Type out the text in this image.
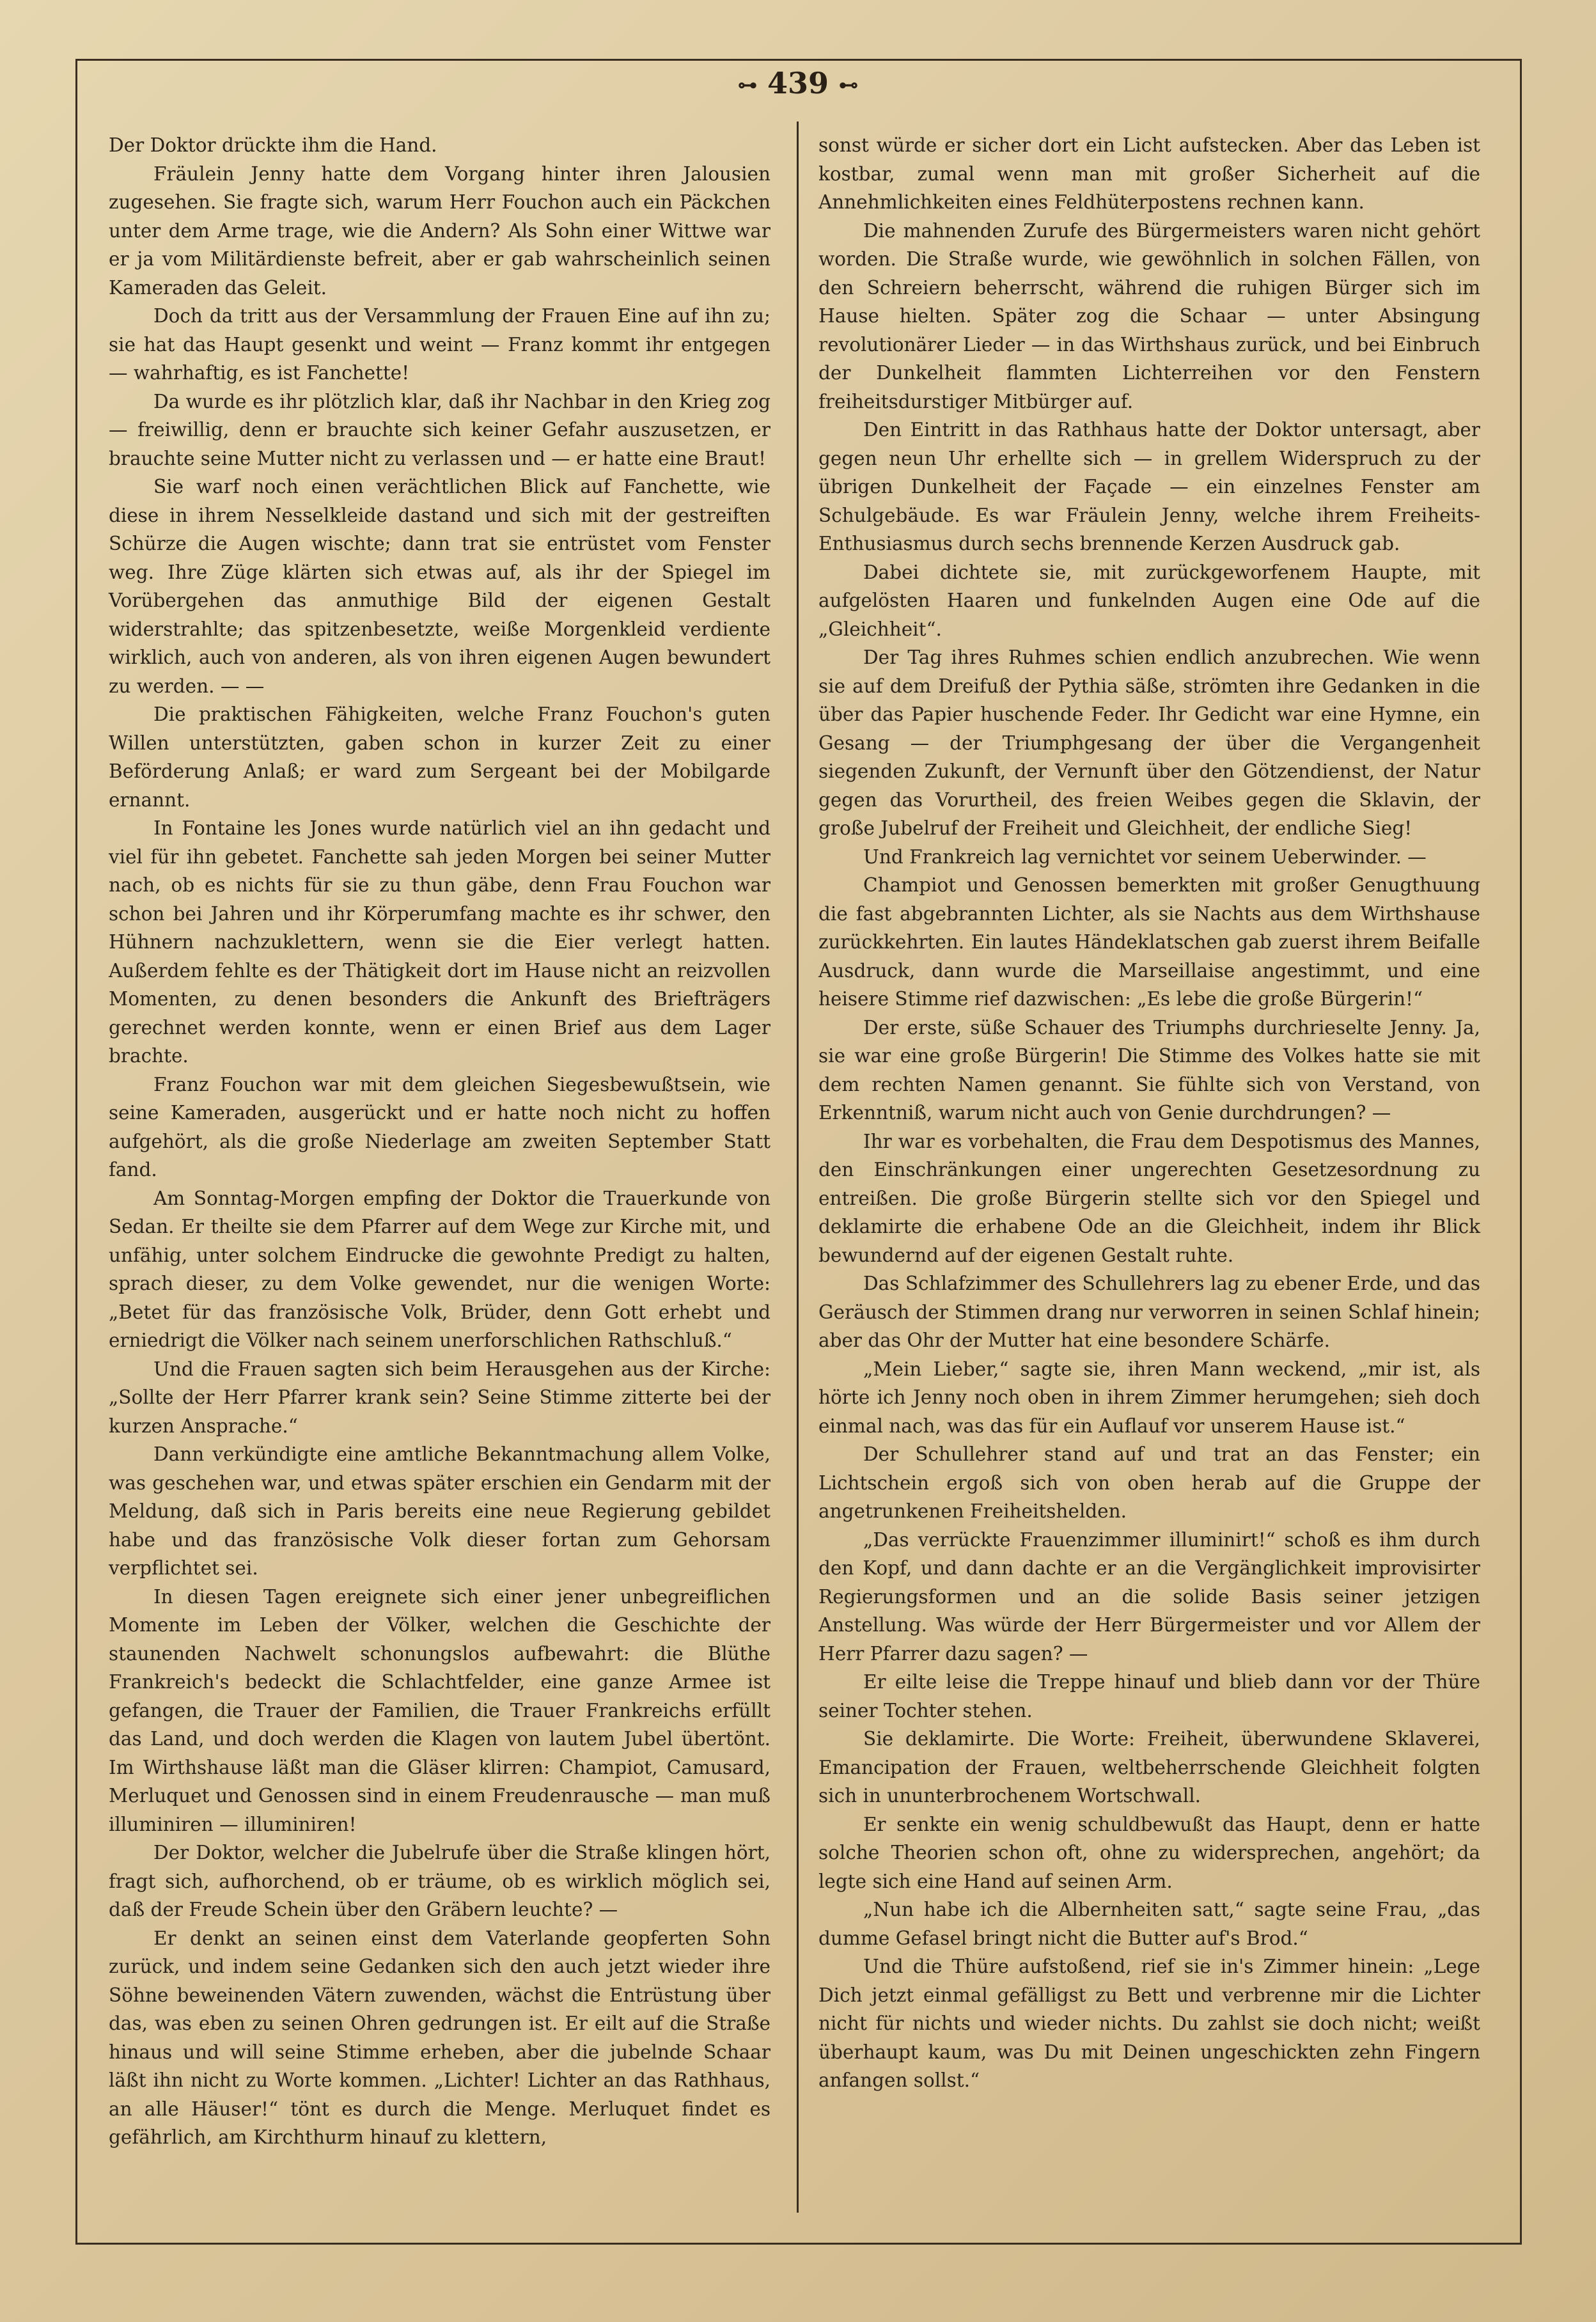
⊶ 439 ⊷

Der Doktor drückte ihm die Hand.

Fräulein Jenny hatte dem Vorgang hinter ihren Jalousien zugesehen. Sie fragte sich, warum Herr Fouchon auch ein Päckchen unter dem Arme trage, wie die Andern? Als Sohn einer Wittwe war er ja vom Militärdienste befreit, aber er gab wahrscheinlich seinen Kameraden das Geleit.

Doch da tritt aus der Versammlung der Frauen Eine auf ihn zu; sie hat das Haupt gesenkt und weint — Franz kommt ihr entgegen — wahrhaftig, es ist Fanchette!

Da wurde es ihr plötzlich klar, daß ihr Nachbar in den Krieg zog — freiwillig, denn er brauchte sich keiner Gefahr auszusetzen, er brauchte seine Mutter nicht zu verlassen und — er hatte eine Braut!

Sie warf noch einen verächtlichen Blick auf Fanchette, wie diese in ihrem Nesselkleide dastand und sich mit der gestreiften Schürze die Augen wischte; dann trat sie entrüstet vom Fenster weg. Ihre Züge klärten sich etwas auf, als ihr der Spiegel im Vorübergehen das anmuthige Bild der eigenen Gestalt widerstrahlte; das spitzenbesetzte, weiße Morgenkleid verdiente wirklich, auch von anderen, als von ihren eigenen Augen bewundert zu werden. — —

Die praktischen Fähigkeiten, welche Franz Fouchon's guten Willen unterstützten, gaben schon in kurzer Zeit zu einer Beförderung Anlaß; er ward zum Sergeant bei der Mobilgarde ernannt.

In Fontaine les Jones wurde natürlich viel an ihn gedacht und viel für ihn gebetet. Fanchette sah jeden Morgen bei seiner Mutter nach, ob es nichts für sie zu thun gäbe, denn Frau Fouchon war schon bei Jahren und ihr Körperumfang machte es ihr schwer, den Hühnern nachzuklettern, wenn sie die Eier verlegt hatten. Außerdem fehlte es der Thätigkeit dort im Hause nicht an reizvollen Momenten, zu denen besonders die Ankunft des Briefträgers gerechnet werden konnte, wenn er einen Brief aus dem Lager brachte.

Franz Fouchon war mit dem gleichen Siegesbewußtsein, wie seine Kameraden, ausgerückt und er hatte noch nicht zu hoffen aufgehört, als die große Niederlage am zweiten September Statt fand.

Am Sonntag-Morgen empfing der Doktor die Trauerkunde von Sedan. Er theilte sie dem Pfarrer auf dem Wege zur Kirche mit, und unfähig, unter solchem Eindrucke die gewohnte Predigt zu halten, sprach dieser, zu dem Volke gewendet, nur die wenigen Worte: „Betet für das französische Volk, Brüder, denn Gott erhebt und erniedrigt die Völker nach seinem unerforschlichen Rathschluß.“

Und die Frauen sagten sich beim Herausgehen aus der Kirche: „Sollte der Herr Pfarrer krank sein? Seine Stimme zitterte bei der kurzen Ansprache.“

Dann verkündigte eine amtliche Bekanntmachung allem Volke, was geschehen war, und etwas später erschien ein Gendarm mit der Meldung, daß sich in Paris bereits eine neue Regierung gebildet habe und das französische Volk dieser fortan zum Gehorsam verpflichtet sei.

In diesen Tagen ereignete sich einer jener unbegreiflichen Momente im Leben der Völker, welchen die Geschichte der staunenden Nachwelt schonungslos aufbewahrt: die Blüthe Frankreich's bedeckt die Schlachtfelder, eine ganze Armee ist gefangen, die Trauer der Familien, die Trauer Frankreichs erfüllt das Land, und doch werden die Klagen von lautem Jubel übertönt. Im Wirthshause läßt man die Gläser klirren: Champiot, Camusard, Merluquet und Genossen sind in einem Freudenrausche — man muß illuminiren — illuminiren!

Der Doktor, welcher die Jubelrufe über die Straße klingen hört, fragt sich, aufhorchend, ob er träume, ob es wirklich möglich sei, daß der Freude Schein über den Gräbern leuchte? —

Er denkt an seinen einst dem Vaterlande geopferten Sohn zurück, und indem seine Gedanken sich den auch jetzt wieder ihre Söhne beweinenden Vätern zuwenden, wächst die Entrüstung über das, was eben zu seinen Ohren gedrungen ist. Er eilt auf die Straße hinaus und will seine Stimme erheben, aber die jubelnde Schaar läßt ihn nicht zu Worte kommen. „Lichter! Lichter an das Rathhaus, an alle Häuser!“ tönt es durch die Menge. Merluquet findet es gefährlich, am Kirchthurm hinauf zu klettern,

sonst würde er sicher dort ein Licht aufstecken. Aber das Leben ist kostbar, zumal wenn man mit großer Sicherheit auf die Annehmlichkeiten eines Feldhüterpostens rechnen kann.

Die mahnenden Zurufe des Bürgermeisters waren nicht gehört worden. Die Straße wurde, wie gewöhnlich in solchen Fällen, von den Schreiern beherrscht, während die ruhigen Bürger sich im Hause hielten. Später zog die Schaar — unter Absingung revolutionärer Lieder — in das Wirthshaus zurück, und bei Einbruch der Dunkelheit flammten Lichterreihen vor den Fenstern freiheitsdurstiger Mitbürger auf.

Den Eintritt in das Rathhaus hatte der Doktor untersagt, aber gegen neun Uhr erhellte sich — in grellem Widerspruch zu der übrigen Dunkelheit der Façade — ein einzelnes Fenster am Schulgebäude. Es war Fräulein Jenny, welche ihrem Freiheits-Enthusiasmus durch sechs brennende Kerzen Ausdruck gab.

Dabei dichtete sie, mit zurückgeworfenem Haupte, mit aufgelösten Haaren und funkelnden Augen eine Ode auf die „Gleichheit“.

Der Tag ihres Ruhmes schien endlich anzubrechen. Wie wenn sie auf dem Dreifuß der Pythia säße, strömten ihre Gedanken in die über das Papier huschende Feder. Ihr Gedicht war eine Hymne, ein Gesang — der Triumphgesang der über die Vergangenheit siegenden Zukunft, der Vernunft über den Götzendienst, der Natur gegen das Vorurtheil, des freien Weibes gegen die Sklavin, der große Jubelruf der Freiheit und Gleichheit, der endliche Sieg!

Und Frankreich lag vernichtet vor seinem Ueberwinder. —

Champiot und Genossen bemerkten mit großer Genugthuung die fast abgebrannten Lichter, als sie Nachts aus dem Wirthshause zurückkehrten. Ein lautes Händeklatschen gab zuerst ihrem Beifalle Ausdruck, dann wurde die Marseillaise angestimmt, und eine heisere Stimme rief dazwischen: „Es lebe die große Bürgerin!“

Der erste, süße Schauer des Triumphs durchrieselte Jenny. Ja, sie war eine große Bürgerin! Die Stimme des Volkes hatte sie mit dem rechten Namen genannt. Sie fühlte sich von Verstand, von Erkenntniß, warum nicht auch von Genie durchdrungen? —

Ihr war es vorbehalten, die Frau dem Despotismus des Mannes, den Einschränkungen einer ungerechten Gesetzesordnung zu entreißen. Die große Bürgerin stellte sich vor den Spiegel und deklamirte die erhabene Ode an die Gleichheit, indem ihr Blick bewundernd auf der eigenen Gestalt ruhte.

Das Schlafzimmer des Schullehrers lag zu ebener Erde, und das Geräusch der Stimmen drang nur verworren in seinen Schlaf hinein; aber das Ohr der Mutter hat eine besondere Schärfe.

„Mein Lieber,“ sagte sie, ihren Mann weckend, „mir ist, als hörte ich Jenny noch oben in ihrem Zimmer herumgehen; sieh doch einmal nach, was das für ein Auflauf vor unserem Hause ist.“

Der Schullehrer stand auf und trat an das Fenster; ein Lichtschein ergoß sich von oben herab auf die Gruppe der angetrunkenen Freiheitshelden.

„Das verrückte Frauenzimmer illuminirt!“ schoß es ihm durch den Kopf, und dann dachte er an die Vergänglichkeit improvisirter Regierungsformen und an die solide Basis seiner jetzigen Anstellung. Was würde der Herr Bürgermeister und vor Allem der Herr Pfarrer dazu sagen? —

Er eilte leise die Treppe hinauf und blieb dann vor der Thüre seiner Tochter stehen.

Sie deklamirte. Die Worte: Freiheit, überwundene Sklaverei, Emancipation der Frauen, weltbeherrschende Gleichheit folgten sich in ununterbrochenem Wortschwall.

Er senkte ein wenig schuldbewußt das Haupt, denn er hatte solche Theorien schon oft, ohne zu widersprechen, angehört; da legte sich eine Hand auf seinen Arm.

„Nun habe ich die Albernheiten satt,“ sagte seine Frau, „das dumme Gefasel bringt nicht die Butter auf's Brod.“

Und die Thüre aufstoßend, rief sie in's Zimmer hinein: „Lege Dich jetzt einmal gefälligst zu Bett und verbrenne mir die Lichter nicht für nichts und wieder nichts. Du zahlst sie doch nicht; weißt überhaupt kaum, was Du mit Deinen ungeschickten zehn Fingern anfangen sollst.“
